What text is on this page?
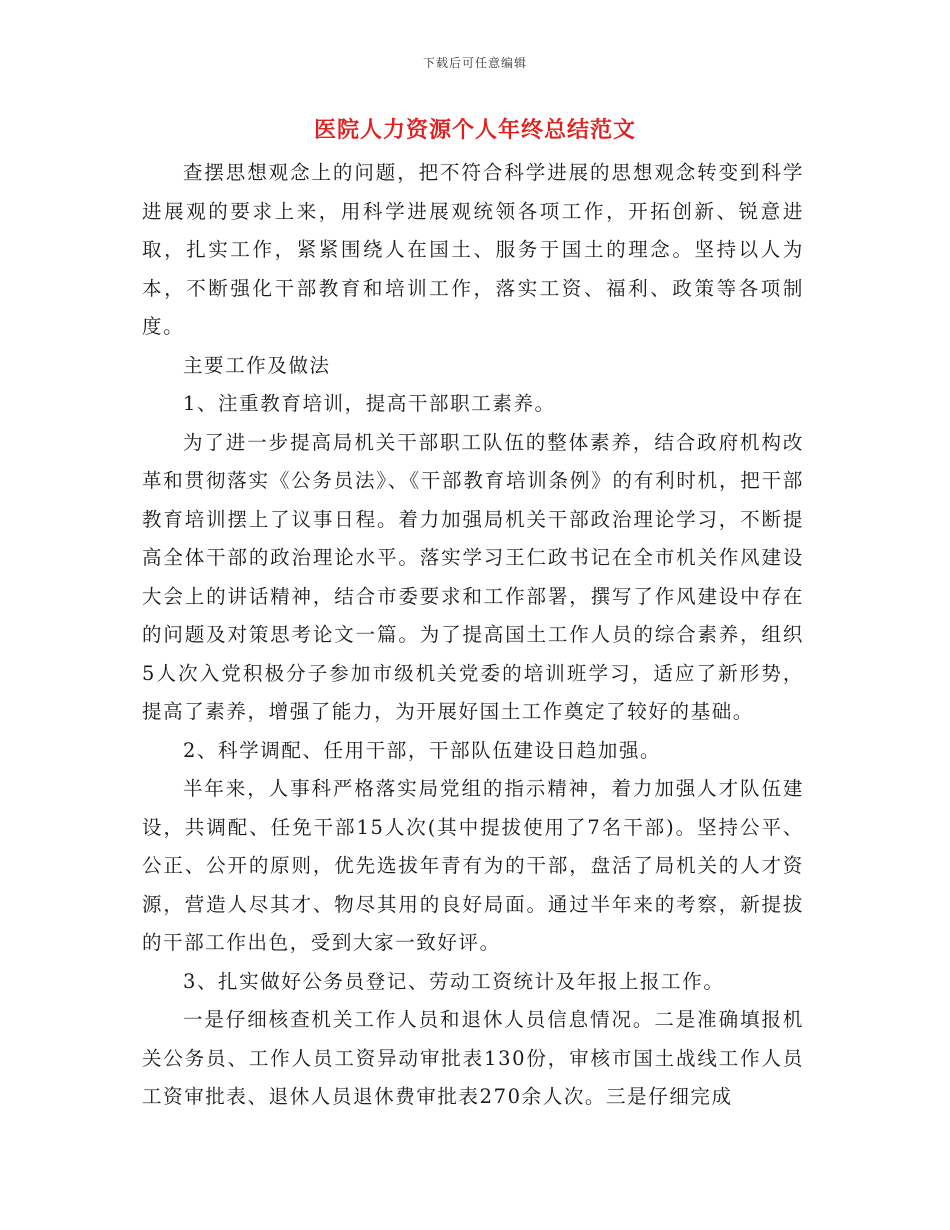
下载后可任意编辑
医院人力资源个人年终总结范文

查摆思想观念上的问题，把不符合科学进展的思想观念转变到科学进展观的要求上来，用科学进展观统领各项工作，开拓创新、锐意进取，扎实工作，紧紧围绕人在国土、服务于国土的理念。坚持以人为本，不断强化干部教育和培训工作，落实工资、福利、政策等各项制度。

主要工作及做法

1、注重教育培训，提高干部职工素养。

为了进一步提高局机关干部职工队伍的整体素养，结合政府机构改革和贯彻落实《公务员法》、《干部教育培训条例》的有利时机，把干部教育培训摆上了议事日程。着力加强局机关干部政治理论学习，不断提高全体干部的政治理论水平。落实学习王仁政书记在全市机关作风建设大会上的讲话精神，结合市委要求和工作部署，撰写了作风建设中存在的问题及对策思考论文一篇。为了提高国土工作人员的综合素养，组织5人次入党积极分子参加市级机关党委的培训班学习，适应了新形势，提高了素养，增强了能力，为开展好国土工作奠定了较好的基础。

2、科学调配、任用干部，干部队伍建设日趋加强。

半年来，人事科严格落实局党组的指示精神，着力加强人才队伍建设，共调配、任免干部15人次(其中提拔使用了7名干部)。坚持公平、公正、公开的原则，优先选拔年青有为的干部，盘活了局机关的人才资源，营造人尽其才、物尽其用的良好局面。通过半年来的考察，新提拔的干部工作出色，受到大家一致好评。

3、扎实做好公务员登记、劳动工资统计及年报上报工作。

一是仔细核查机关工作人员和退休人员信息情况。二是准确填报机关公务员、工作人员工资异动审批表130份，审核市国土战线工作人员工资审批表、退休人员退休费审批表270余人次。三是仔细完成
